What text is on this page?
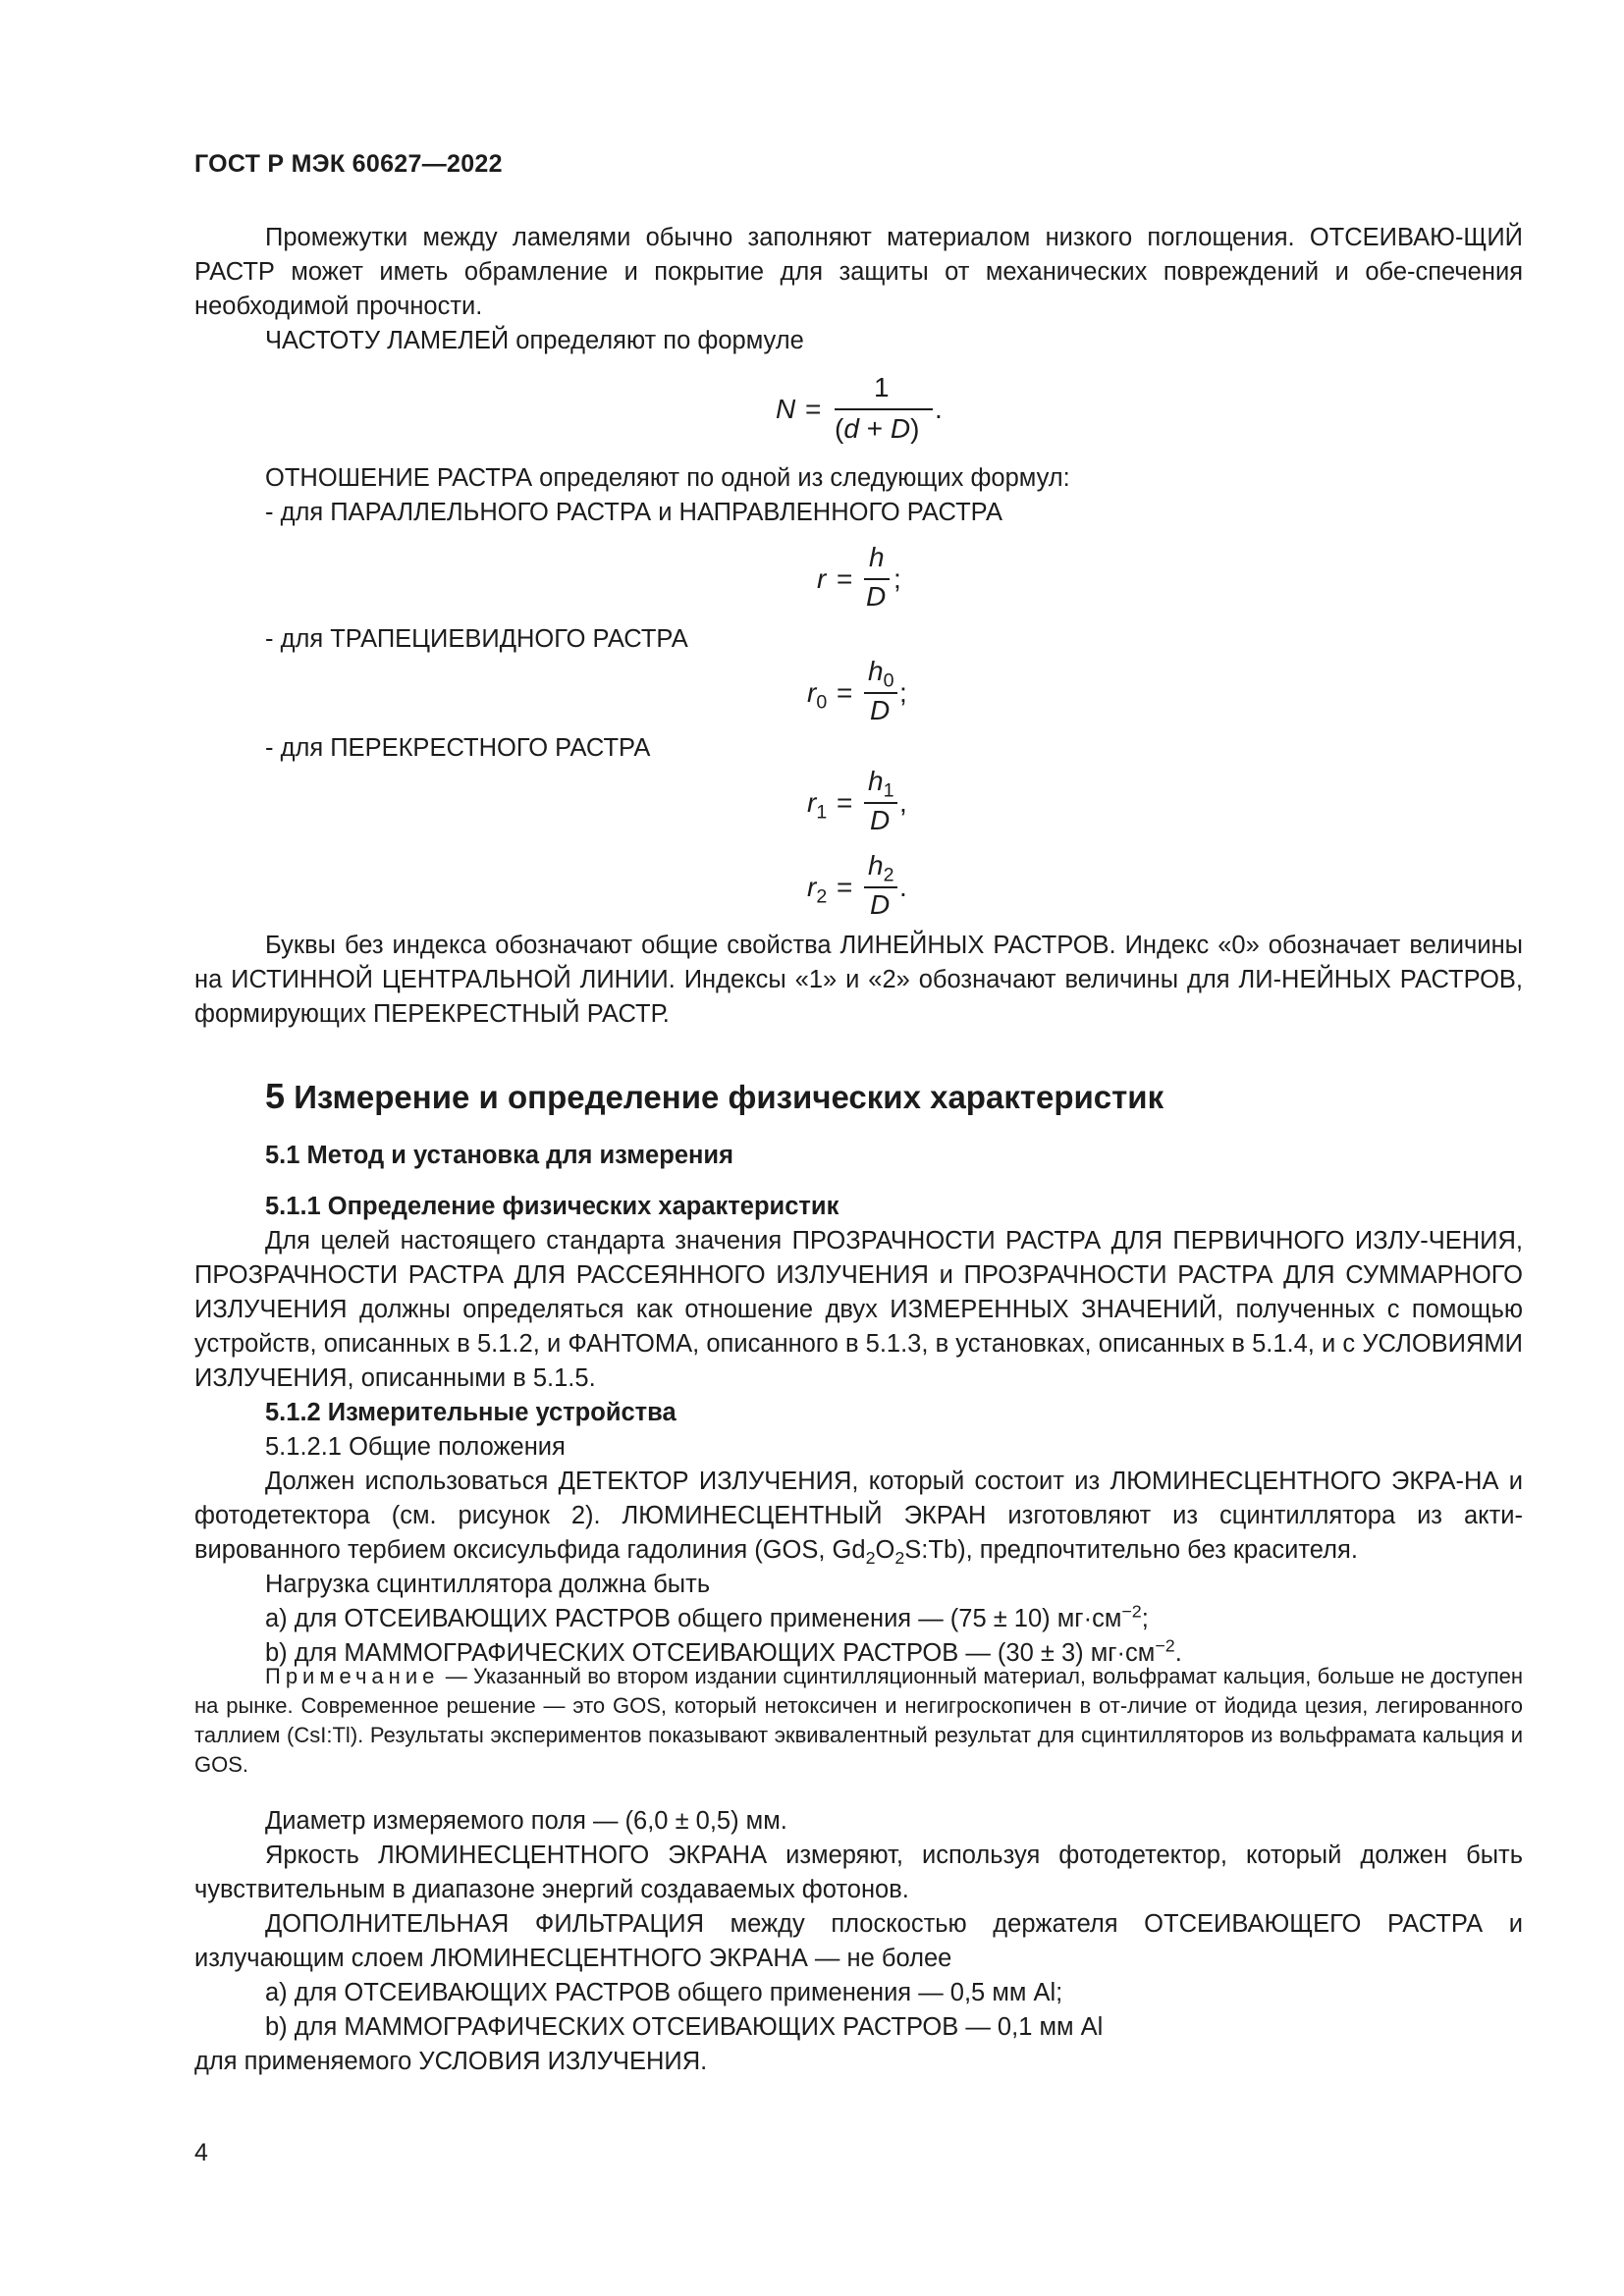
ГОСТ Р МЭК 60627—2022

Промежутки между ламелями обычно заполняют материалом низкого поглощения. ОТСЕИВАЮ-ЩИЙ РАСТР может иметь обрамление и покрытие для защиты от механических повреждений и обе-спечения необходимой прочности.

ЧАСТОТУ ЛАМЕЛЕЙ определяют по формуле

N =
1
(d + D)
.

ОТНОШЕНИЕ РАСТРА определяют по одной из следующих формул:

- для ПАРАЛЛЕЛЬНОГО РАСТРА и НАПРАВЛЕННОГО РАСТРА

r =
h
D
;

- для ТРАПЕЦИЕВИДНОГО РАСТРА

$r_0$ =
$h_0$
D
;

- для ПЕРЕКРЕСТНОГО РАСТРА

$r_1$ =
$h_1$
D
,
$r_2$ =
$h_2$
D
.

Буквы без индекса обозначают общие свойства ЛИНЕЙНЫХ РАСТРОВ. Индекс «0» обозначает величины на ИСТИННОЙ ЦЕНТРАЛЬНОЙ ЛИНИИ. Индексы «1» и «2» обозначают величины для ЛИ-НЕЙНЫХ РАСТРОВ, формирующих ПЕРЕКРЕСТНЫЙ РАСТР.

5 Измерение и определение физических характеристик

5.1 Метод и установка для измерения

5.1.1 Определение физических характеристик

Для целей настоящего стандарта значения ПРОЗРАЧНОСТИ РАСТРА ДЛЯ ПЕРВИЧНОГО ИЗЛУ-ЧЕНИЯ, ПРОЗРАЧНОСТИ РАСТРА ДЛЯ РАССЕЯННОГО ИЗЛУЧЕНИЯ и ПРОЗРАЧНОСТИ РАСТРА ДЛЯ СУММАРНОГО ИЗЛУЧЕНИЯ должны определяться как отношение двух ИЗМЕРЕННЫХ ЗНАЧЕНИЙ, полученных с помощью устройств, описанных в 5.1.2, и ФАНТОМА, описанного в 5.1.3, в установках, описанных в 5.1.4, и с УСЛОВИЯМИ ИЗЛУЧЕНИЯ, описанными в 5.1.5.

5.1.2 Измерительные устройства

5.1.2.1 Общие положения

Должен использоваться ДЕТЕКТОР ИЗЛУЧЕНИЯ, который состоит из ЛЮМИНЕСЦЕНТНОГО ЭКРА-НА и фотодетектора (см. рисунок 2). ЛЮМИНЕСЦЕНТНЫЙ ЭКРАН изготовляют из сцинтиллятора из акти-вированного тербием оксисульфида гадолиния (GOS, $Gd_2O_2S:Tb$), предпочтительно без красителя.

Нагрузка сцинтиллятора должна быть

a) для ОТСЕИВАЮЩИХ РАСТРОВ общего применения — (75 ± 10) $мг\cdot см^{-2}$;

b) для МАММОГРАФИЧЕСКИХ ОТСЕИВАЮЩИХ РАСТРОВ — (30 ± 3) $мг\cdot см^{-2}$.

Примечание — Указанный во втором издании сцинтилляционный материал, вольфрамат кальция, больше не доступен на рынке. Современное решение — это GOS, который нетоксичен и негигроскопичен в от-личие от йодида цезия, легированного таллием (CsI:Tl). Результаты экспериментов показывают эквивалентный результат для сцинтилляторов из вольфрамата кальция и GOS.

Диаметр измеряемого поля — (6,0 ± 0,5) мм.

Яркость ЛЮМИНЕСЦЕНТНОГО ЭКРАНА измеряют, используя фотодетектор, который должен быть чувствительным в диапазоне энергий создаваемых фотонов.

ДОПОЛНИТЕЛЬНАЯ ФИЛЬТРАЦИЯ между плоскостью держателя ОТСЕИВАЮЩЕГО РАСТРА и излучающим слоем ЛЮМИНЕСЦЕНТНОГО ЭКРАНА — не более

a) для ОТСЕИВАЮЩИХ РАСТРОВ общего применения — 0,5 мм Al;

b) для МАММОГРАФИЧЕСКИХ ОТСЕИВАЮЩИХ РАСТРОВ — 0,1 мм Al

для применяемого УСЛОВИЯ ИЗЛУЧЕНИЯ.

4
